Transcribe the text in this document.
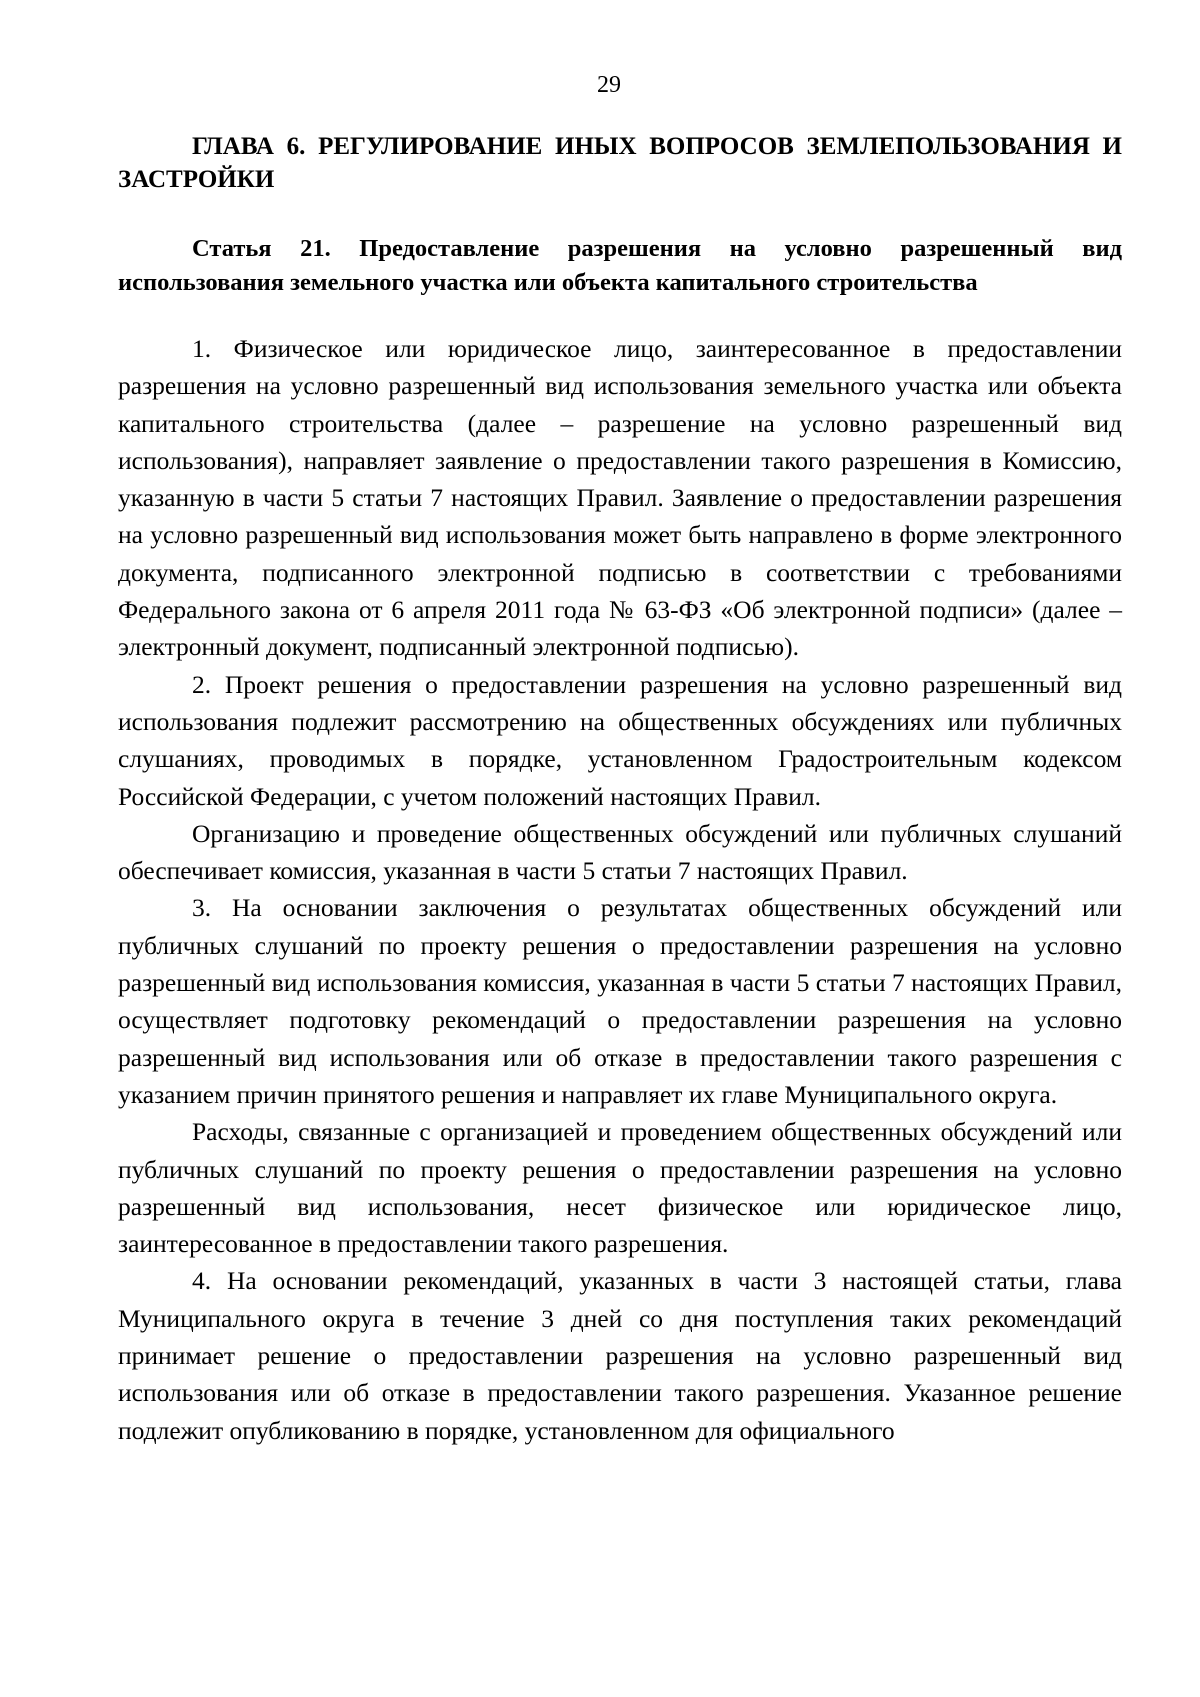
29
ГЛАВА 6. РЕГУЛИРОВАНИЕ ИНЫХ ВОПРОСОВ ЗЕМЛЕПОЛЬЗОВАНИЯ И ЗАСТРОЙКИ
Статья 21. Предоставление разрешения на условно разрешенный вид использования земельного участка или объекта капитального строительства

1. Физическое или юридическое лицо, заинтересованное в предоставлении разрешения на условно разрешенный вид использования земельного участка или объекта капитального строительства (далее – разрешение на условно разрешенный вид использования), направляет заявление о предоставлении такого разрешения в Комиссию, указанную в части 5 статьи 7 настоящих Правил. Заявление о предоставлении разрешения на условно разрешенный вид использования может быть направлено в форме электронного документа, подписанного электронной подписью в соответствии с требованиями Федерального закона от 6 апреля 2011 года № 63-ФЗ «Об электронной подписи» (далее – электронный документ, подписанный электронной подписью).

2. Проект решения о предоставлении разрешения на условно разрешенный вид использования подлежит рассмотрению на общественных обсуждениях или публичных слушаниях, проводимых в порядке, установленном Градостроительным кодексом Российской Федерации, с учетом положений настоящих Правил.

Организацию и проведение общественных обсуждений или публичных слушаний обеспечивает комиссия, указанная в части 5 статьи 7 настоящих Правил.

3. На основании заключения о результатах общественных обсуждений или публичных слушаний по проекту решения о предоставлении разрешения на условно разрешенный вид использования комиссия, указанная в части 5 статьи 7 настоящих Правил, осуществляет подготовку рекомендаций о предоставлении разрешения на условно разрешенный вид использования или об отказе в предоставлении такого разрешения с указанием причин принятого решения и направляет их главе Муниципального округа.

Расходы, связанные с организацией и проведением общественных обсуждений или публичных слушаний по проекту решения о предоставлении разрешения на условно разрешенный вид использования, несет физическое или юридическое лицо, заинтересованное в предоставлении такого разрешения.

4. На основании рекомендаций, указанных в части 3 настоящей статьи, глава Муниципального округа в течение 3 дней со дня поступления таких рекомендаций принимает решение о предоставлении разрешения на условно разрешенный вид использования или об отказе в предоставлении такого разрешения. Указанное решение подлежит опубликованию в порядке, установленном для официального
